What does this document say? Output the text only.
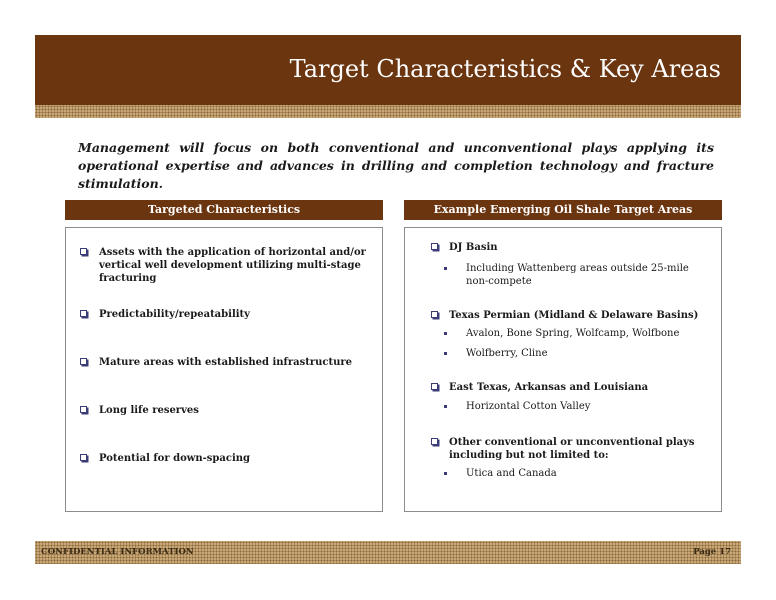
Target Characteristics & Key Areas
Management will focus on both conventional and unconventional plays applying its operational expertise and advances in drilling and completion technology and fracture stimulation.
Targeted Characteristics
Assets with the application of horizontal and/or vertical well development utilizing multi-stage fracturing
Predictability/repeatability
Mature areas with established infrastructure
Long life reserves
Potential for down-spacing
Example Emerging Oil Shale Target Areas
DJ Basin
Including Wattenberg areas outside 25-mile non-compete
Texas Permian (Midland & Delaware Basins)
Avalon, Bone Spring, Wolfcamp, Wolfbone
Wolfberry, Cline
East Texas, Arkansas and Louisiana
Horizontal Cotton Valley
Other conventional or unconventional plays including but not limited to:
Utica and Canada
CONFIDENTIAL INFORMATION	Page 17
